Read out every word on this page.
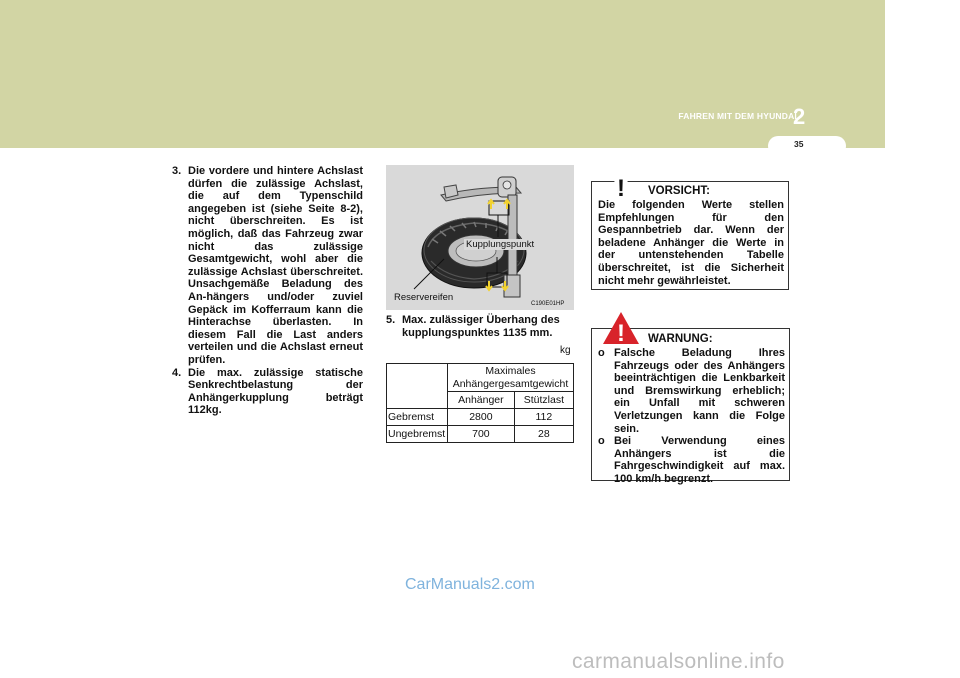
FAHREN MIT DEM HYUNDAI
2
35
3. Die vordere und hintere Achslast dürfen die zulässige Achslast, die auf dem Typenschild angegeben ist (siehe Seite 8-2), nicht überschreiten. Es ist möglich, daß das Fahrzeug zwar nicht das zulässige Gesamtgewicht, wohl aber die zulässige Achslast überschreitet. Unsachgemäße Beladung des An-hängers und/oder zuviel Gepäck im Kofferraum kann die Hinterachse überlasten. In diesem Fall die Last anders verteilen und die Achslast erneut prüfen.
4. Die max. zulässige statische Senkrechtbelastung der Anhängerkupplung beträgt 112kg.
Kupplungspunkt
Reservereifen
C190E01HP
5. Max. zulässiger Überhang des kupplungspunktes 1135 mm.
kg

	Maximales
Anhängergesamtgewicht	

	Anhänger	Stützlast
Gebremst	2800	112
Ungebremst	700	28
! VORSICHT:
Die folgenden Werte stellen Empfehlungen für den Gespannbetrieb dar. Wenn der beladene Anhänger die Werte in der untenstehenden Tabelle überschreitet, ist die Sicherheit nicht mehr gewährleistet.
! WARNUNG:
o Falsche Beladung Ihres Fahrzeugs oder des Anhängers beeinträchtigen die Lenkbarkeit und Bremswirkung erheblich; ein Unfall mit schweren Verletzungen kann die Folge sein.
o Bei Verwendung eines Anhängers ist die Fahrgeschwindigkeit auf max. 100 km/h begrenzt.
CarManuals2.com
carmanualsonline.info
